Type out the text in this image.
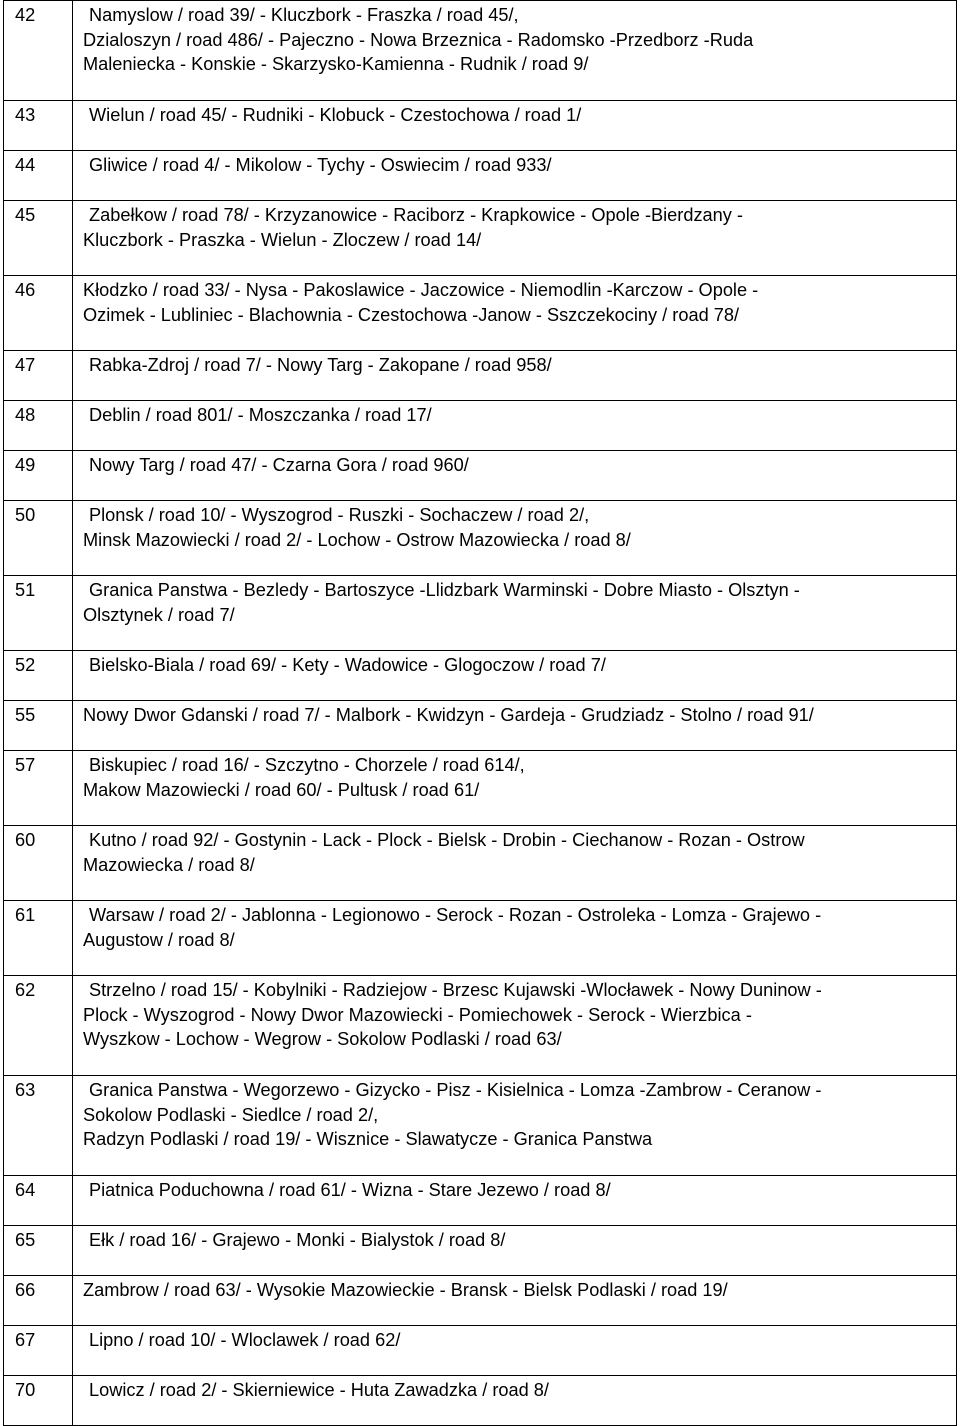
42	Namyslow / road 39/ - Kluczbork - Fraszka / road 45/,
Dzialoszyn / road 486/ - Pajeczno - Nowa Brzeznica - Radomsko -Przedborz -Ruda
Maleniecka - Konskie - Skarzysko-Kamienna - Rudnik / road 9/

43	Wielun / road 45/ - Rudniki - Klobuck - Czestochowa / road 1/

44	Gliwice / road 4/ - Mikolow - Tychy - Oswiecim / road 933/

45	Zabełkow / road 78/ - Krzyzanowice - Raciborz - Krapkowice - Opole -Bierdzany -
Kluczbork - Praszka - Wielun - Zloczew / road 14/

46	Kłodzko / road 33/ - Nysa - Pakoslawice - Jaczowice - Niemodlin -Karczow - Opole -
Ozimek - Lubliniec - Blachownia - Czestochowa -Janow - Sszczekociny / road 78/

47	Rabka-Zdroj / road 7/ - Nowy Targ - Zakopane / road 958/

48	Deblin / road 801/ - Moszczanka / road 17/

49	Nowy Targ / road 47/ - Czarna Gora / road 960/

50	Plonsk / road 10/ - Wyszogrod - Ruszki - Sochaczew / road 2/,
Minsk Mazowiecki / road 2/ - Lochow - Ostrow Mazowiecka / road 8/

51	Granica Panstwa - Bezledy - Bartoszyce -Llidzbark Warminski - Dobre Miasto - Olsztyn -
Olsztynek / road 7/

52	Bielsko-Biala / road 69/ - Kety - Wadowice - Glogoczow / road 7/

55	Nowy Dwor Gdanski / road 7/ - Malbork - Kwidzyn - Gardeja - Grudziadz - Stolno / road 91/

57	Biskupiec / road 16/ - Szczytno - Chorzele / road 614/,
Makow Mazowiecki / road 60/ - Pultusk / road 61/

60	Kutno / road 92/ - Gostynin - Lack - Plock - Bielsk - Drobin - Ciechanow - Rozan - Ostrow
Mazowiecka / road 8/

61	Warsaw / road 2/ - Jablonna - Legionowo - Serock - Rozan - Ostroleka - Lomza - Grajewo -
Augustow / road 8/

62	Strzelno / road 15/ - Kobylniki - Radziejow - Brzesc Kujawski -Wlocławek - Nowy Duninow -
Plock - Wyszogrod - Nowy Dwor Mazowiecki - Pomiechowek - Serock - Wierzbica -
Wyszkow - Lochow - Wegrow - Sokolow Podlaski / road 63/

63	Granica Panstwa - Wegorzewo - Gizycko - Pisz - Kisielnica - Lomza -Zambrow - Ceranow -
Sokolow Podlaski - Siedlce / road 2/,
Radzyn Podlaski / road 19/ - Wisznice - Slawatycze - Granica Panstwa

64	Piatnica Poduchowna / road 61/ - Wizna - Stare Jezewo / road 8/

65	Ełk / road 16/ - Grajewo - Monki - Bialystok / road 8/

66	Zambrow / road 63/ - Wysokie Mazowieckie - Bransk - Bielsk Podlaski / road 19/

67	Lipno / road 10/ - Wloclawek / road 62/

70	Lowicz / road 2/ - Skierniewice - Huta Zawadzka / road 8/
